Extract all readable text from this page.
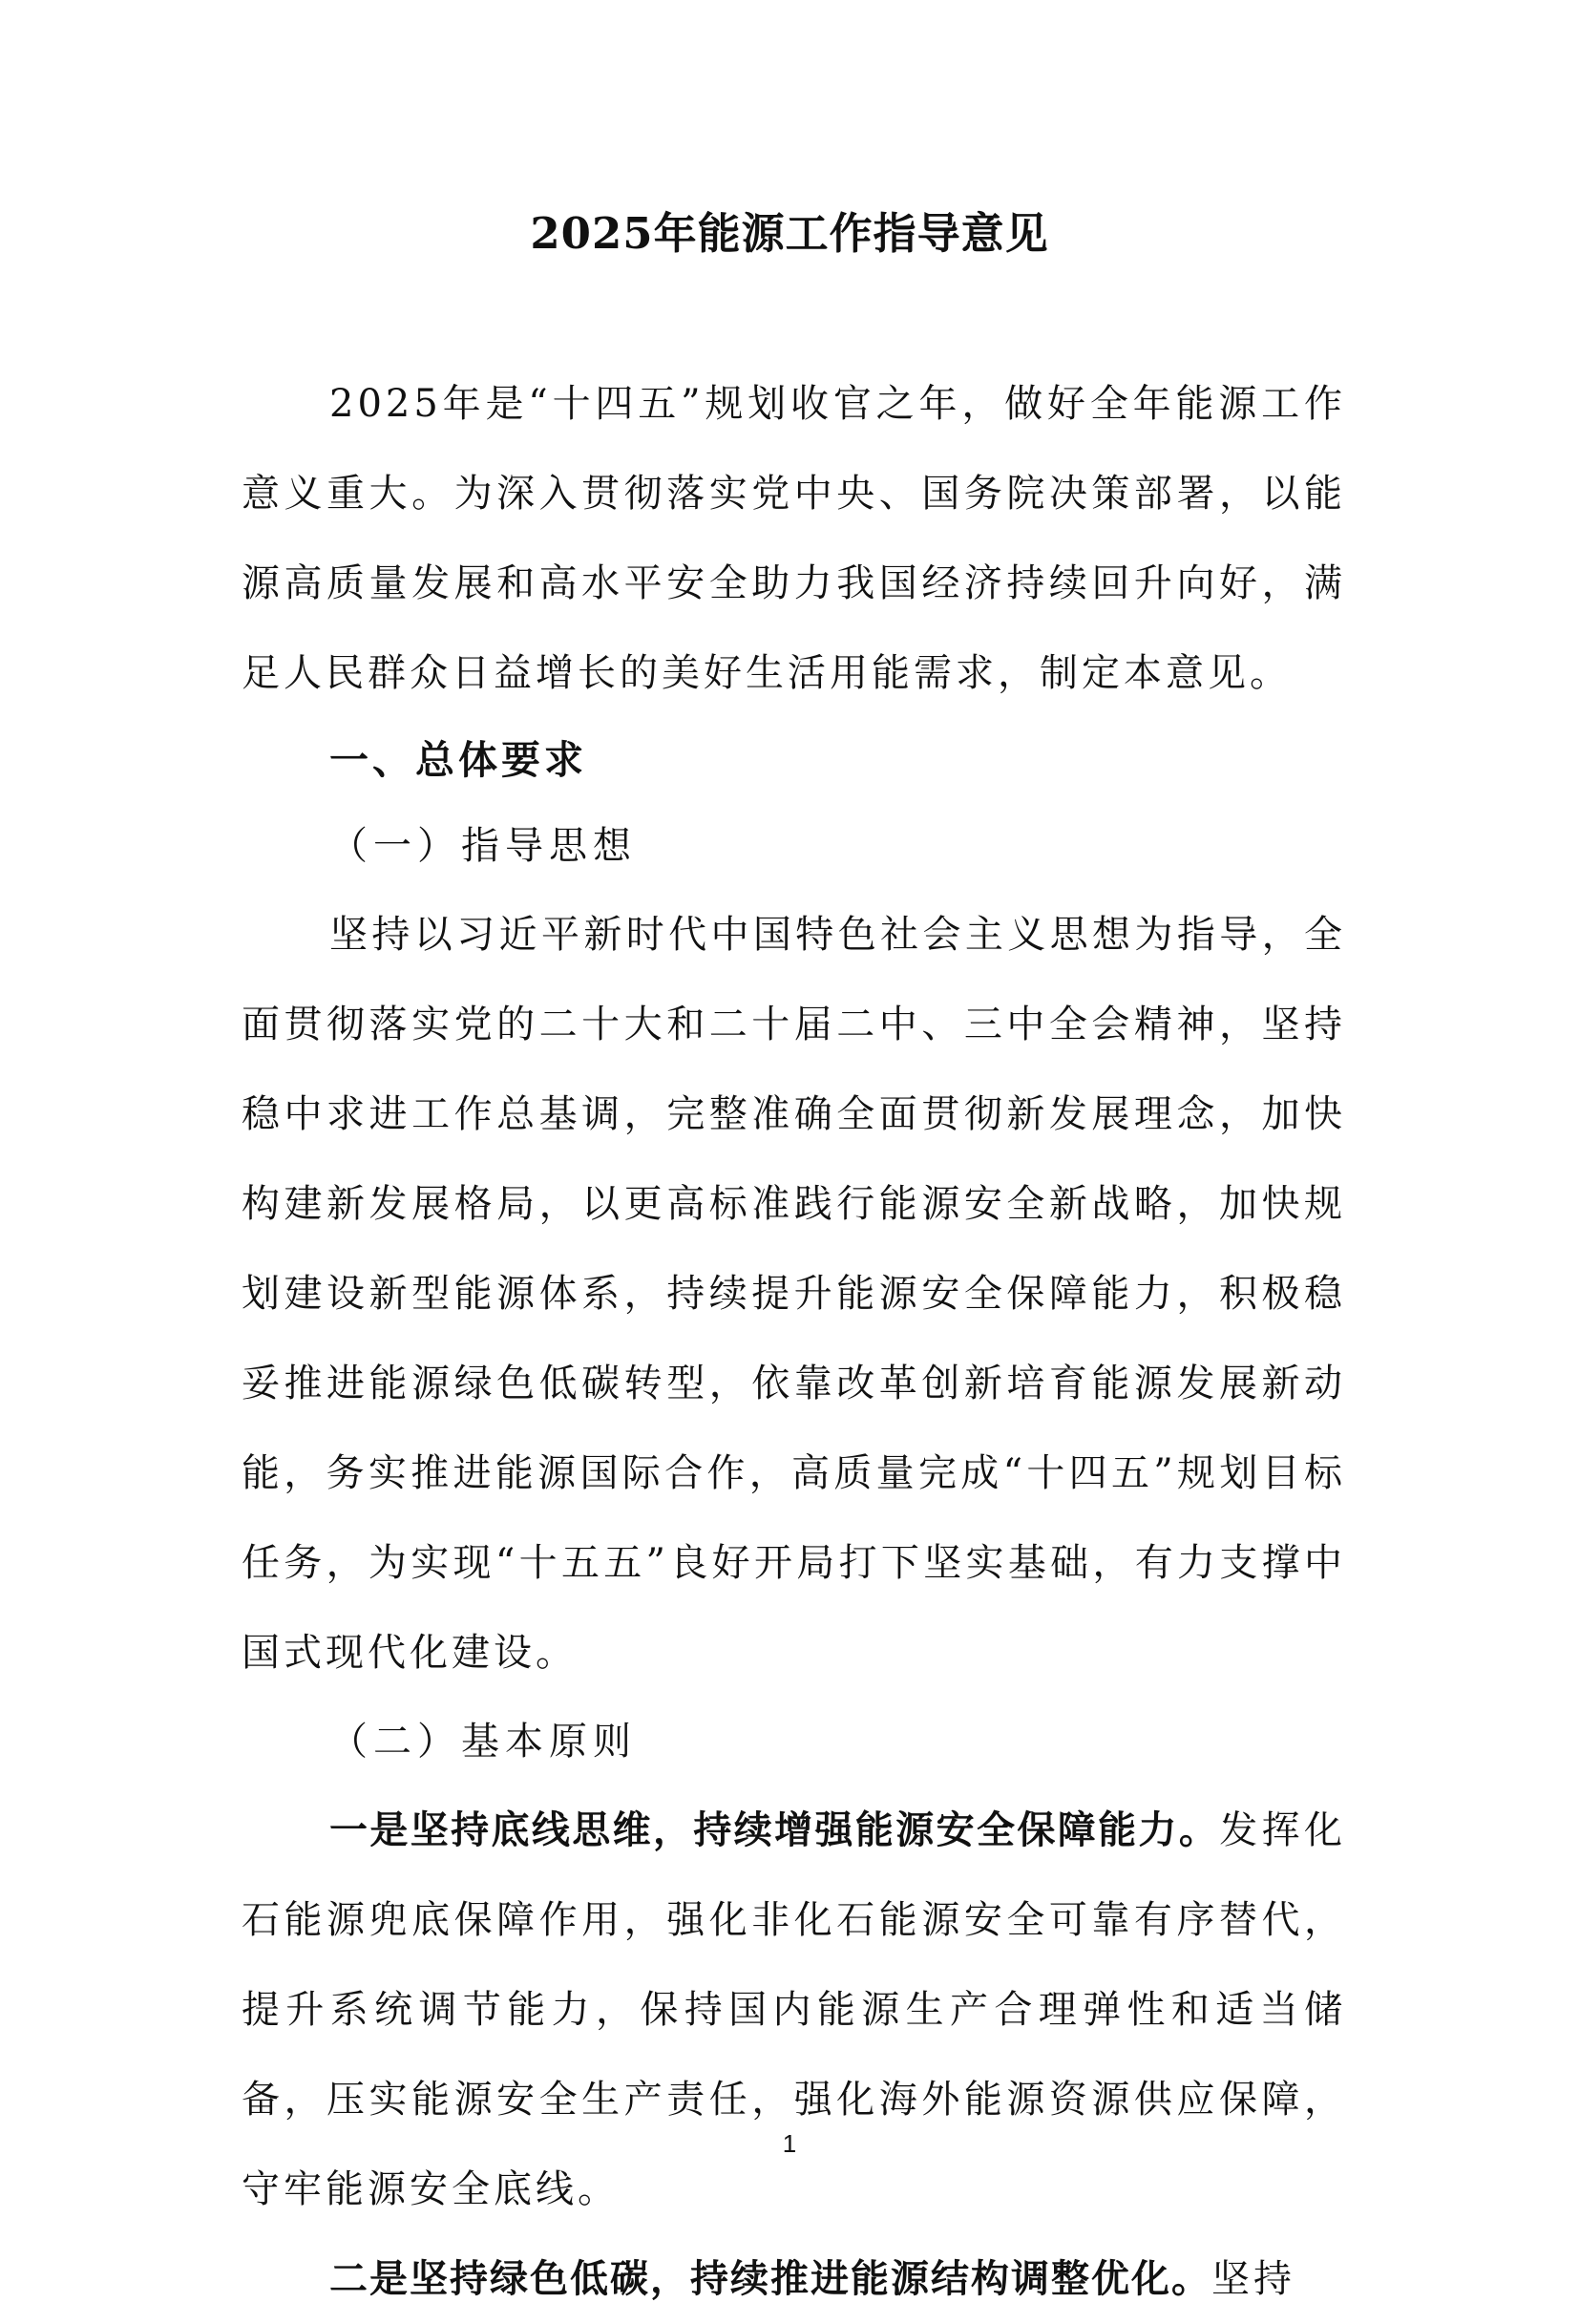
2025年能源工作指导意见

2025年是“十四五”规划收官之年，做好全年能源工作意义重大。为深入贯彻落实党中央、国务院决策部署，以能源高质量发展和高水平安全助力我国经济持续回升向好，满足人民群众日益增长的美好生活用能需求，制定本意见。

一、总体要求

（一）指导思想

坚持以习近平新时代中国特色社会主义思想为指导，全面贯彻落实党的二十大和二十届二中、三中全会精神，坚持稳中求进工作总基调，完整准确全面贯彻新发展理念，加快构建新发展格局，以更高标准践行能源安全新战略，加快规划建设新型能源体系，持续提升能源安全保障能力，积极稳妥推进能源绿色低碳转型，依靠改革创新培育能源发展新动能，务实推进能源国际合作，高质量完成“十四五”规划目标任务，为实现“十五五”良好开局打下坚实基础，有力支撑中国式现代化建设。

（二）基本原则

一是坚持底线思维，持续增强能源安全保障能力。发挥化石能源兜底保障作用，强化非化石能源安全可靠有序替代，提升系统调节能力，保持国内能源生产合理弹性和适当储备，压实能源安全生产责任，强化海外能源资源供应保障，守牢能源安全底线。

二是坚持绿色低碳，持续推进能源结构调整优化。坚持

1
